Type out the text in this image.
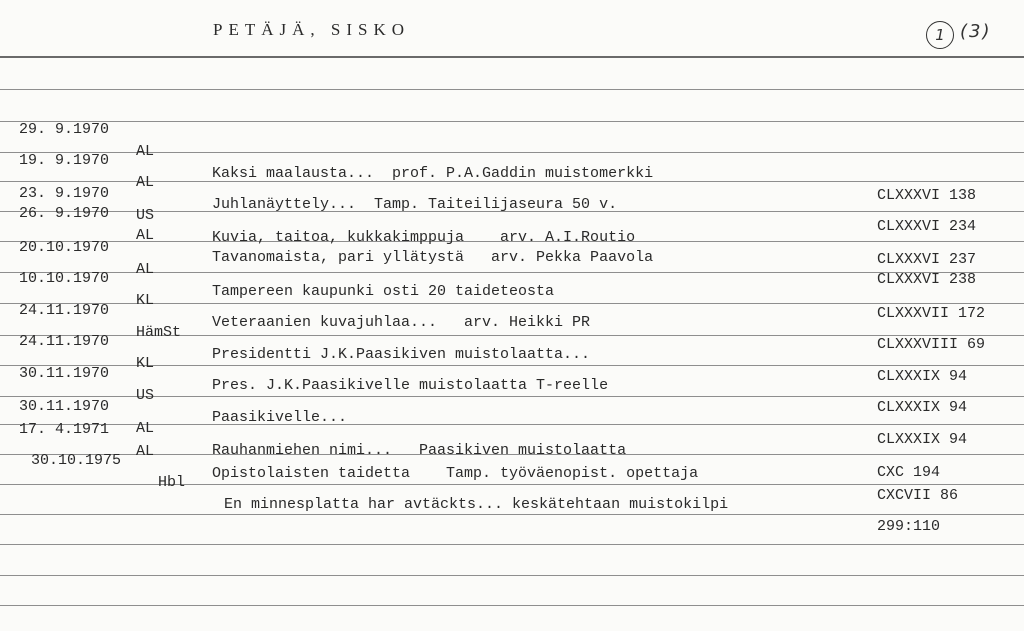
PETÄJÄ, SISKO	1 (3)

29. 9.1970

AL

Kaksi maalausta...  prof. P.A.Gaddin muistomerkki

CLXXXVI 138

19. 9.1970

AL

Juhlanäyttely...  Tamp. Taiteilijaseura 50 v.

CLXXXVI 234

23. 9.1970

US

Kuvia, taitoa, kukkakimppuja    arv. A.I.Routio

CLXXXVI 237

26. 9.1970

AL

Tavanomaista, pari yllätystä   arv. Pekka Paavola

CLXXXVI 238

20.10.1970

AL

Tampereen kaupunki osti 20 taideteosta

CLXXXVII 172

10.10.1970

KL

Veteraanien kuvajuhlaa...   arv. Heikki PR

CLXXXVIII 69

24.11.1970

HämSt

Presidentti J.K.Paasikiven muistolaatta...

CLXXXIX 94

24.11.1970

KL

Pres. J.K.Paasikivelle muistolaatta T-reelle

CLXXXIX 94

30.11.1970

US

Paasikivelle...

CLXXXIX 94

30.11.1970

AL

Rauhanmiehen nimi...   Paasikiven muistolaatta

CXC 194

17. 4.1971

AL

Opistolaisten taidetta    Tamp. työväenopist. opettaja

CXCVII 86

30.10.1975

Hbl

En minnesplatta har avtäckts... keskätehtaan muistokilpi

299:110
